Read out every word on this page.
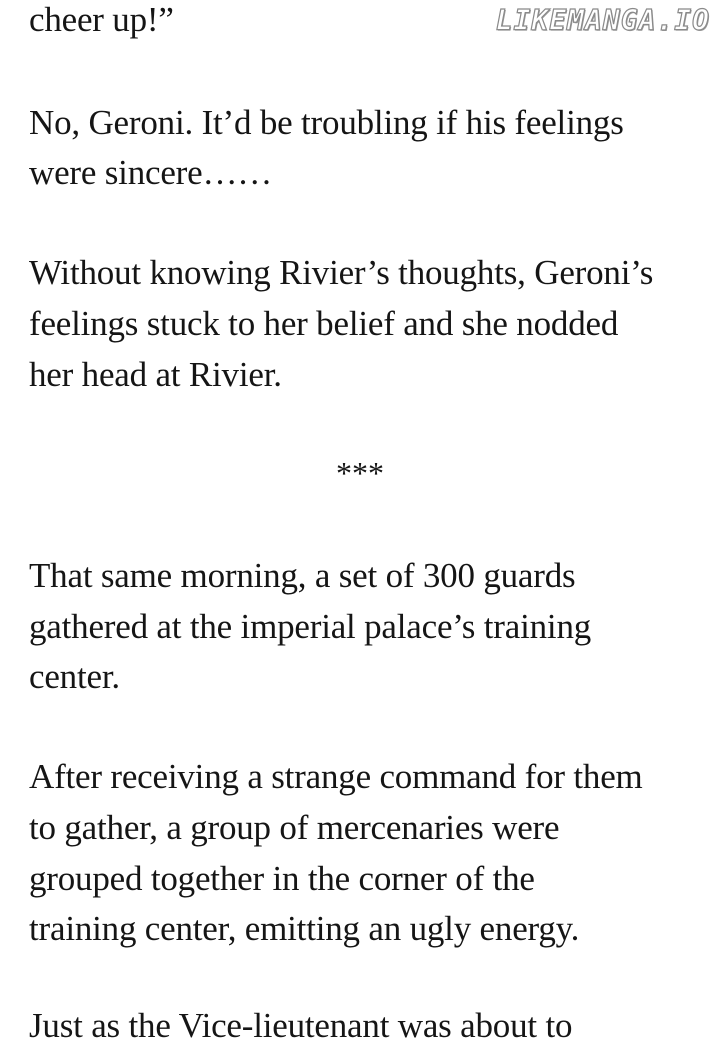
LIKEMANGA.IO

cheer up!”

No, Geroni. It’d be troubling if his feelings

were sincere……

Without knowing Rivier’s thoughts, Geroni’s

feelings stuck to her belief and she nodded

her head at Rivier.

***

That same morning, a set of 300 guards

gathered at the imperial palace’s training

center.

After receiving a strange command for them

to gather, a group of mercenaries were

grouped together in the corner of the

training center, emitting an ugly energy.

Just as the Vice-lieutenant was about to
